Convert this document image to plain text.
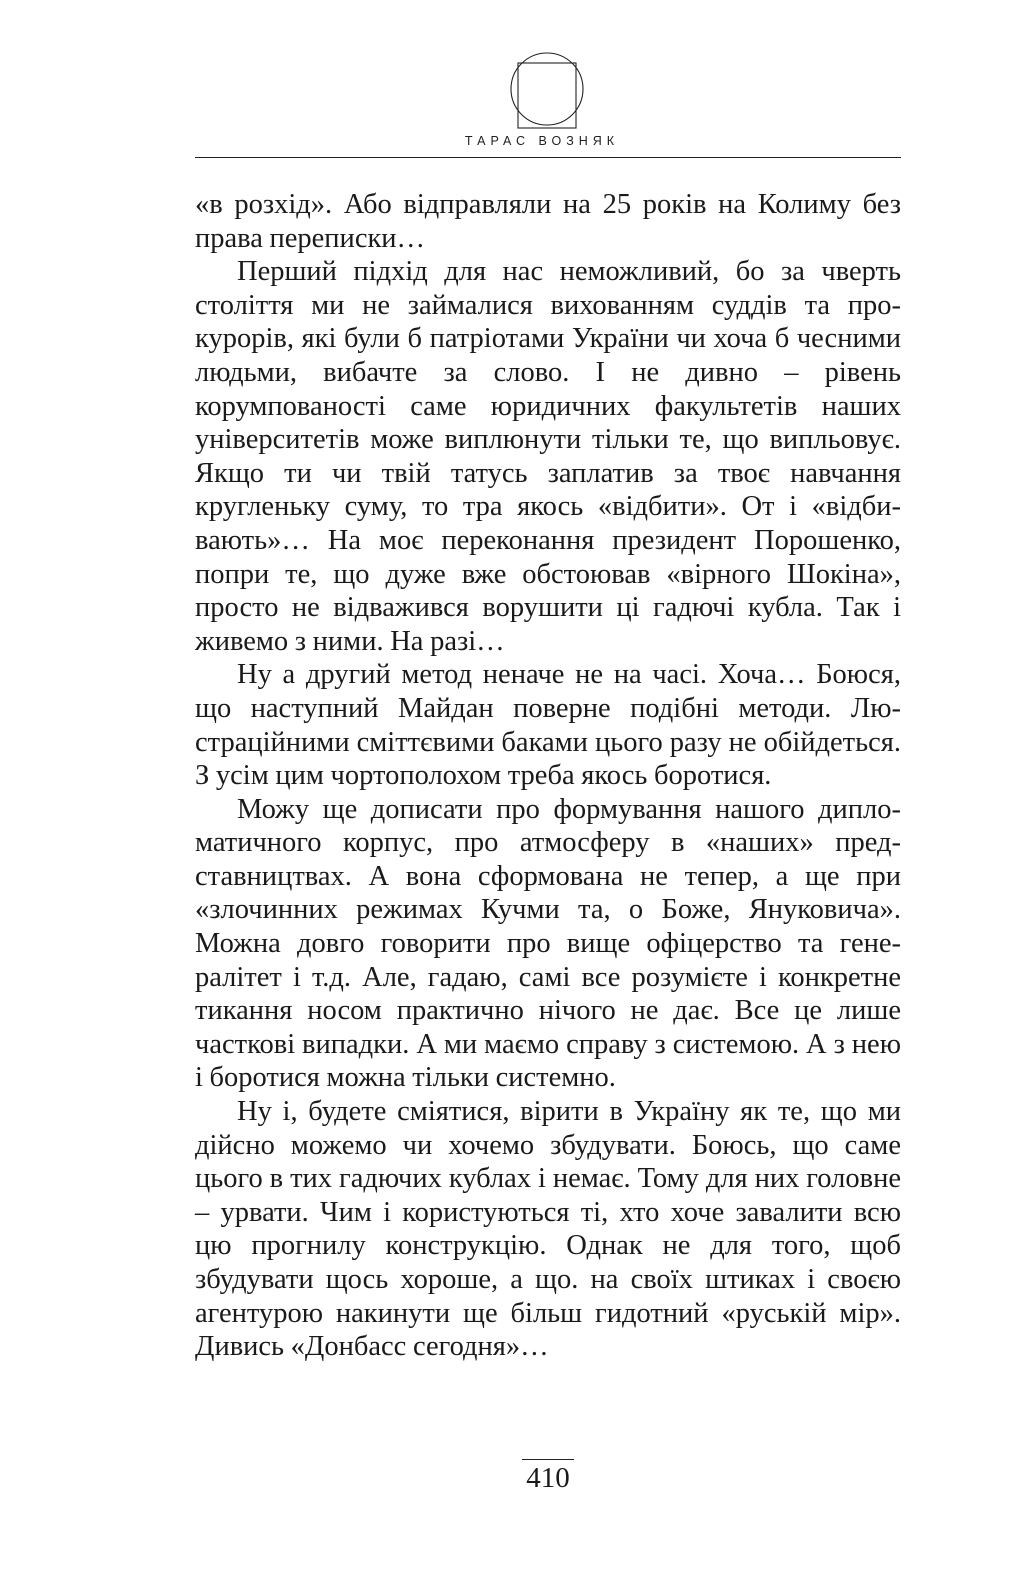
ТАРАС ВОЗНЯК

«в розхід». Або відправляли на 25 років на Колиму без права переписки…

Перший підхід для нас неможливий, бо за чверть століття ми не займалися вихованням суддів та прокурорів, які були б патріотами України чи хоча б чесними людьми, вибачте за слово. І не дивно – рівень корумпованості саме юридичних факультетів наших університетів може виплюнути тільки те, що випльовує. Якщо ти чи твій татусь заплатив за твоє навчання кругленьку суму, то тра якось «відбити». От і «відбивають»… На моє переконання президент Порошенко, попри те, що дуже вже обстоював «вірного Шокіна», просто не відважився ворушити ці гадючі кубла. Так і живемо з ними. На разі…

Ну а другий метод неначе не на часі. Хоча… Боюся, що наступний Майдан поверне подібні методи. Люстраційними сміттєвими баками цього разу не обійдеться. З усім цим чортополохом треба якось боротися.

Можу ще дописати про формування нашого дипломатичного корпус, про атмосферу в «наших» представництвах. А вона сформована не тепер, а ще при «злочинних режимах Кучми та, о Боже, Януковича». Можна довго говорити про вище офіцерство та генералітет і т.д. Але, гадаю, самі все розумієте і конкретне тикання носом практично нічого не дає. Все це лише часткові випадки. А ми маємо справу з системою. А з нею і боротися можна тільки системно.

Ну і, будете сміятися, вірити в Україну як те, що ми дійсно можемо чи хочемо збудувати. Боюсь, що саме цього в тих гадючих кублах і немає. Тому для них головне – урвати. Чим і користуються ті, хто хоче завалити всю цю прогнилу конструкцію. Однак не для того, щоб збудувати щось хороше, а що. на своїх штиках і своєю агентурою накинути ще більш гидотний «руській мір». Дивись «Донбасс сегодня»…

410
